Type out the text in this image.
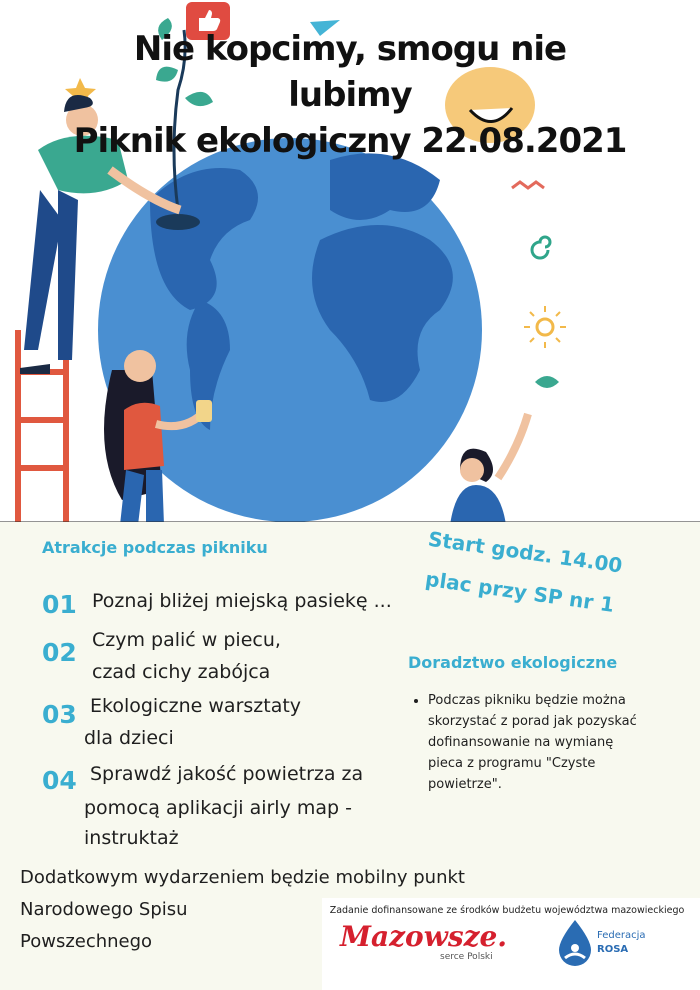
Nie kopcimy, smogu nie
lubimy
Piknik ekologiczny 22.08.2021
Atrakcje podczas pikniku
01 Poznaj bliżej miejską pasiekę ...
02 Czym palić w piecu,
czad cichy zabójca
03 Ekologiczne warsztaty
dla dzieci
04 Sprawdź jakość powietrza za
pomocą aplikacji airly map -
instruktaż
Start godz. 14.00
plac przy SP nr 1
Doradztwo ekologiczne
• Podczas pikniku będzie można
skorzystać z porad jak pozyskać
dofinansowanie na wymianę
pieca z programu "Czyste
powietrze".
Dodatkowym wydarzeniem będzie mobilny punkt
Narodowego Spisu
Powszechnego
Zadanie dofinansowane ze środków budżetu województwa mazowieckiego
Mazowsze.
serce Polski
Federacja
ROSA
